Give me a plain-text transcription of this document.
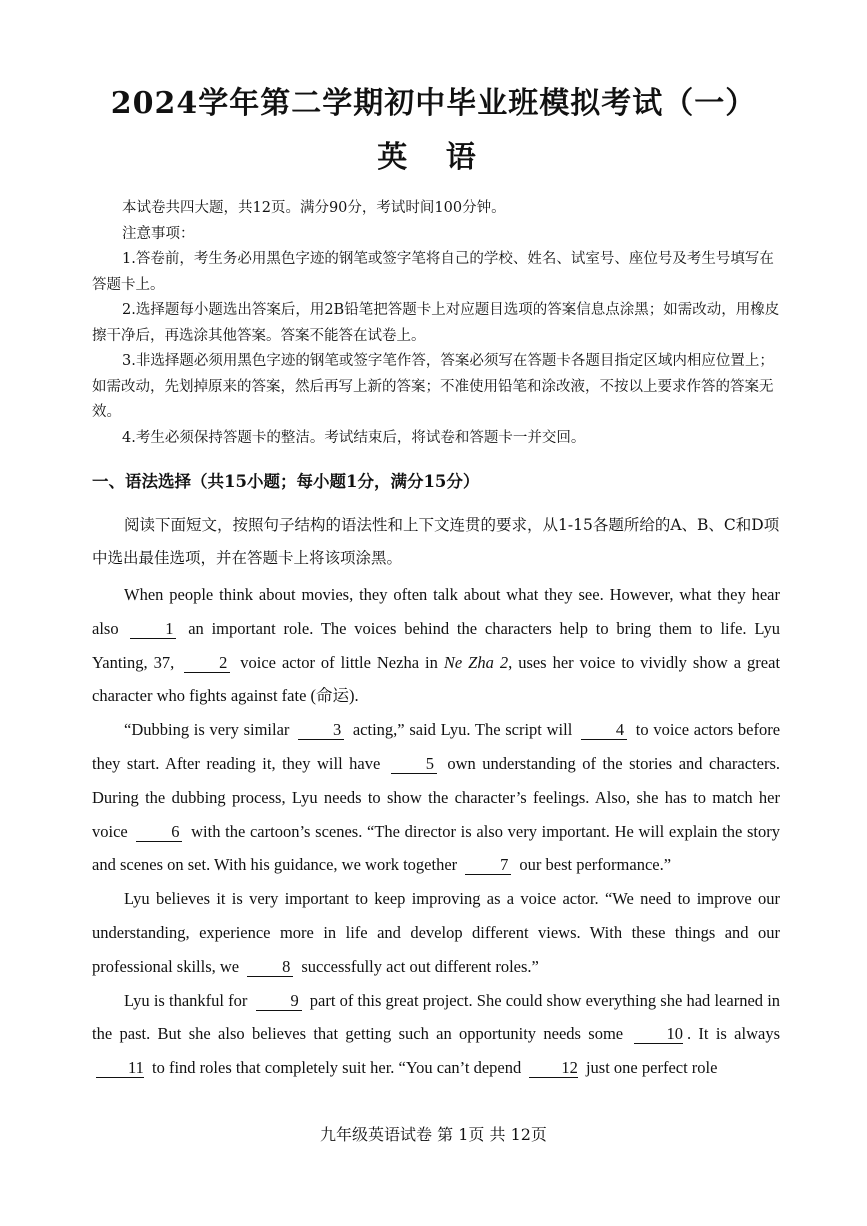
2024学年第二学期初中毕业班模拟考试（一）
英 语

本试卷共四大题，共12页。满分90分，考试时间100分钟。

注意事项：

1.答卷前，考生务必用黑色字迹的钢笔或签字笔将自己的学校、姓名、试室号、座位号及考生号填写在答题卡上。

2.选择题每小题选出答案后，用2B铅笔把答题卡上对应题目选项的答案信息点涂黑；如需改动，用橡皮擦干净后，再选涂其他答案。答案不能答在试卷上。

3.非选择题必须用黑色字迹的钢笔或签字笔作答，答案必须写在答题卡各题目指定区域内相应位置上；如需改动，先划掉原来的答案，然后再写上新的答案；不准使用铅笔和涂改液，不按以上要求作答的答案无效。

4.考生必须保持答题卡的整洁。考试结束后，将试卷和答题卡一并交回。

一、语法选择（共15小题；每小题1分，满分15分）

阅读下面短文，按照句子结构的语法性和上下文连贯的要求，从1-15各题所给的A、B、C和D项中选出最佳选项，并在答题卡上将该项涂黑。

When people think about movies, they often talk about what they see. However, what they hear also	1 an important role. The voices behind the characters help to bring them to life. Lyu Yanting, 37,	2 voice actor of little Nezha in Ne Zha 2, uses her voice to vividly show a great character who fights against fate (命运).

“Dubbing is very similar	3 acting,” said Lyu. The script will	4 to voice actors before they start. After reading it, they will have	5 own understanding of the stories and characters. During the dubbing process, Lyu needs to show the character’s feelings. Also, she has to match her voice	6 with the cartoon’s scenes. “The director is also very important. He will explain the story and scenes on set. With his guidance, we work together	7 our best performance.”

Lyu believes it is very important to keep improving as a voice actor. “We need to improve our understanding, experience more in life and develop different views. With these things and our professional skills, we	8 successfully act out different roles.”

Lyu is thankful for	9 part of this great project. She could show everything she had learned in the past. But she also believes that getting such an opportunity needs some	10 . It is always 11 to find roles that completely suit her. “You can’t depend 12 just one perfect role

九年级英语试卷 第 1页 共 12页
